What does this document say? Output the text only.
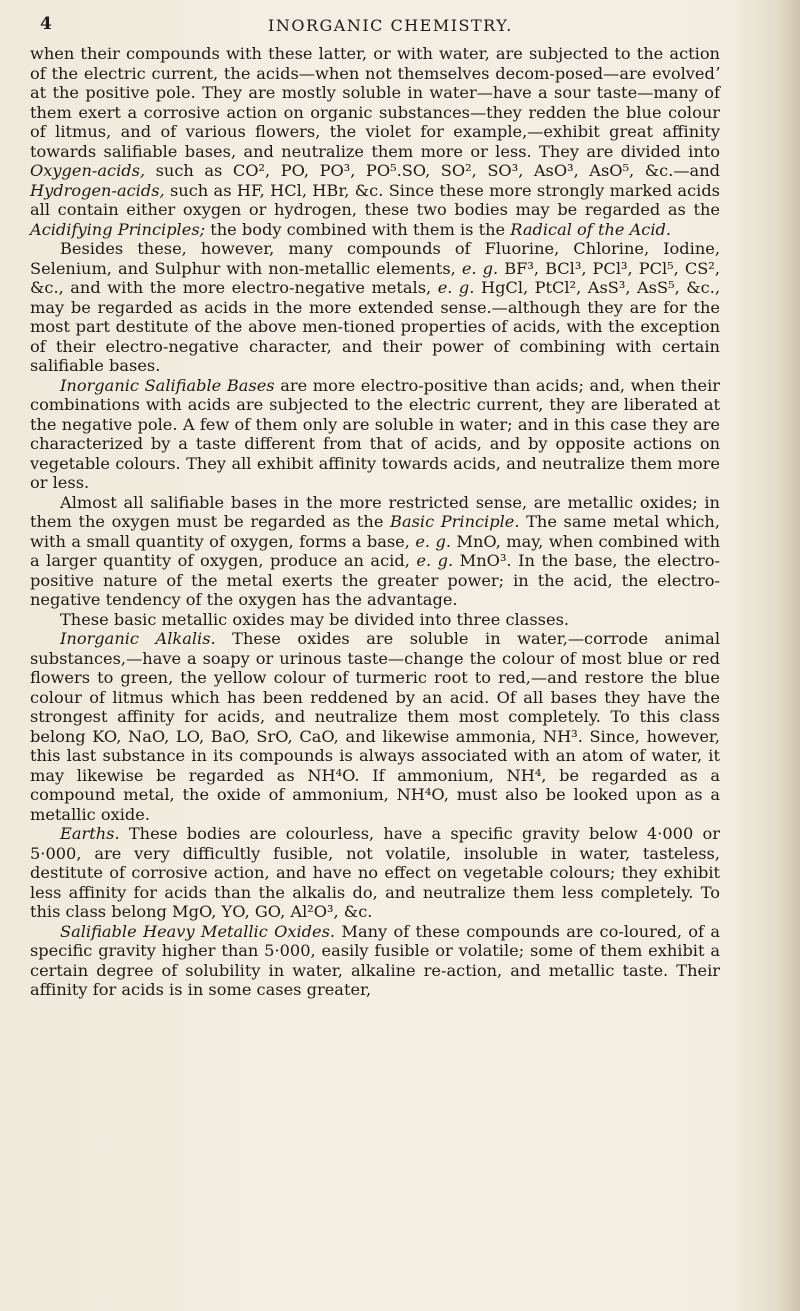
4	INORGANIC CHEMISTRY.

when their compounds with these latter, or with water, are subjected to the action of the electric current, the acids—when not themselves decom-posed—are evolvedʼ at the positive pole. They are mostly soluble in water—have a sour taste—many of them exert a corrosive action on organic substances—they redden the blue colour of litmus, and of various flowers, the violet for example,—exhibit great affinity towards salifiable bases, and neutralize them more or less. They are divided into Oxygen-acids, such as CO², PO, PO³, PO⁵.SO, SO², SO³, AsO³, AsO⁵, &c.—and Hydrogen-acids, such as HF, HCl, HBr, &c. Since these more strongly marked acids all contain either oxygen or hydrogen, these two bodies may be regarded as the Acidifying Principles; the body combined with them is the Radical of the Acid.

Besides these, however, many compounds of Fluorine, Chlorine, Iodine, Selenium, and Sulphur with non-metallic elements, e. g. BF³, BCl³, PCl³, PCl⁵, CS², &c., and with the more electro-negative metals, e. g. HgCl, PtCl², AsS³, AsS⁵, &c., may be regarded as acids in the more extended sense.—although they are for the most part destitute of the above men-tioned properties of acids, with the exception of their electro-negative character, and their power of combining with certain salifiable bases.

Inorganic Salifiable Bases are more electro-positive than acids; and, when their combinations with acids are subjected to the electric current, they are liberated at the negative pole. A few of them only are soluble in water; and in this case they are characterized by a taste different from that of acids, and by opposite actions on vegetable colours. They all exhibit affinity towards acids, and neutralize them more or less.

Almost all salifiable bases in the more restricted sense, are metallic oxides; in them the oxygen must be regarded as the Basic Principle. The same metal which, with a small quantity of oxygen, forms a base, e. g. MnO, may, when combined with a larger quantity of oxygen, produce an acid, e. g. MnO³. In the base, the electro-positive nature of the metal exerts the greater power; in the acid, the electro-negative tendency of the oxygen has the advantage.

These basic metallic oxides may be divided into three classes.

Inorganic Alkalis. These oxides are soluble in water,—corrode animal substances,—have a soapy or urinous taste—change the colour of most blue or red flowers to green, the yellow colour of turmeric root to red,—and restore the blue colour of litmus which has been reddened by an acid. Of all bases they have the strongest affinity for acids, and neutralize them most completely. To this class belong KO, NaO, LO, BaO, SrO, CaO, and likewise ammonia, NH³. Since, however, this last substance in its compounds is always associated with an atom of water, it may likewise be regarded as NH⁴O. If ammonium, NH⁴, be regarded as a compound metal, the oxide of ammonium, NH⁴O, must also be looked upon as a metallic oxide.

Earths. These bodies are colourless, have a specific gravity below 4·000 or 5·000, are very difficultly fusible, not volatile, insoluble in water, tasteless, destitute of corrosive action, and have no effect on vegetable colours; they exhibit less affinity for acids than the alkalis do, and neutralize them less completely. To this class belong MgO, YO, GO, Al²O³, &c.

Salifiable Heavy Metallic Oxides. Many of these compounds are co-loured, of a specific gravity higher than 5·000, easily fusible or volatile; some of them exhibit a certain degree of solubility in water, alkaline re-action, and metallic taste. Their affinity for acids is in some cases greater,
